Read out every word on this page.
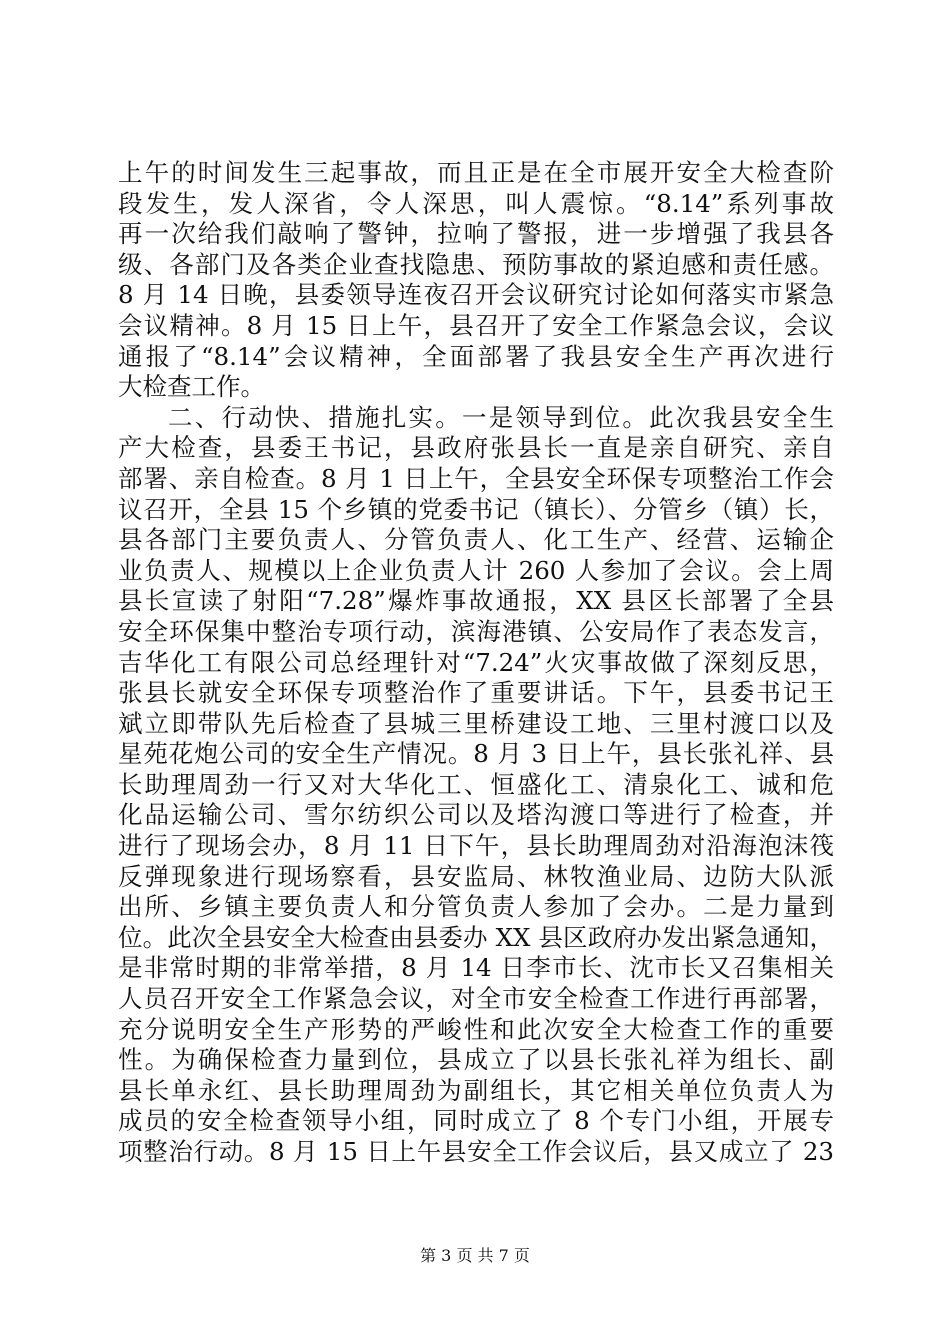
上午的时间发生三起事故，而且正是在全市展开安全大检查阶
段发生，发人深省，令人深思，叫人震惊。“8.14”系列事故
再一次给我们敲响了警钟，拉响了警报，进一步增强了我县各
级、各部门及各类企业查找隐患、预防事故的紧迫感和责任感。
8 月 14 日晚，县委领导连夜召开会议研究讨论如何落实市紧急
会议精神。8 月 15 日上午，县召开了安全工作紧急会议，会议
通报了“8.14”会议精神，全面部署了我县安全生产再次进行
大检查工作。
二、行动快、措施扎实。一是领导到位。此次我县安全生
产大检查，县委王书记，县政府张县长一直是亲自研究、亲自
部署、亲自检查。8 月 1 日上午，全县安全环保专项整治工作会
议召开，全县 15 个乡镇的党委书记（镇长）、分管乡（镇）长，
县各部门主要负责人、分管负责人、化工生产、经营、运输企
业负责人、规模以上企业负责人计 260 人参加了会议。会上周
县长宣读了射阳“7.28”爆炸事故通报，XX 县区长部署了全县
安全环保集中整治专项行动，滨海港镇、公安局作了表态发言，
吉华化工有限公司总经理针对“7.24”火灾事故做了深刻反思，
张县长就安全环保专项整治作了重要讲话。下午，县委书记王
斌立即带队先后检查了县城三里桥建设工地、三里村渡口以及
星苑花炮公司的安全生产情况。8 月 3 日上午，县长张礼祥、县
长助理周劲一行又对大华化工、恒盛化工、清泉化工、诚和危
化品运输公司、雪尔纺织公司以及塔沟渡口等进行了检查，并
进行了现场会办，8 月 11 日下午，县长助理周劲对沿海泡沫筏
反弹现象进行现场察看，县安监局、林牧渔业局、边防大队派
出所、乡镇主要负责人和分管负责人参加了会办。二是力量到
位。此次全县安全大检查由县委办 XX 县区政府办发出紧急通知，
是非常时期的非常举措，8 月 14 日李市长、沈市长又召集相关
人员召开安全工作紧急会议，对全市安全检查工作进行再部署，
充分说明安全生产形势的严峻性和此次安全大检查工作的重要
性。为确保检查力量到位，县成立了以县长张礼祥为组长、副
县长单永红、县长助理周劲为副组长，其它相关单位负责人为
成员的安全检查领导小组，同时成立了 8 个专门小组，开展专
项整治行动。8 月 15 日上午县安全工作会议后，县又成立了 23
第 3 页 共 7 页
